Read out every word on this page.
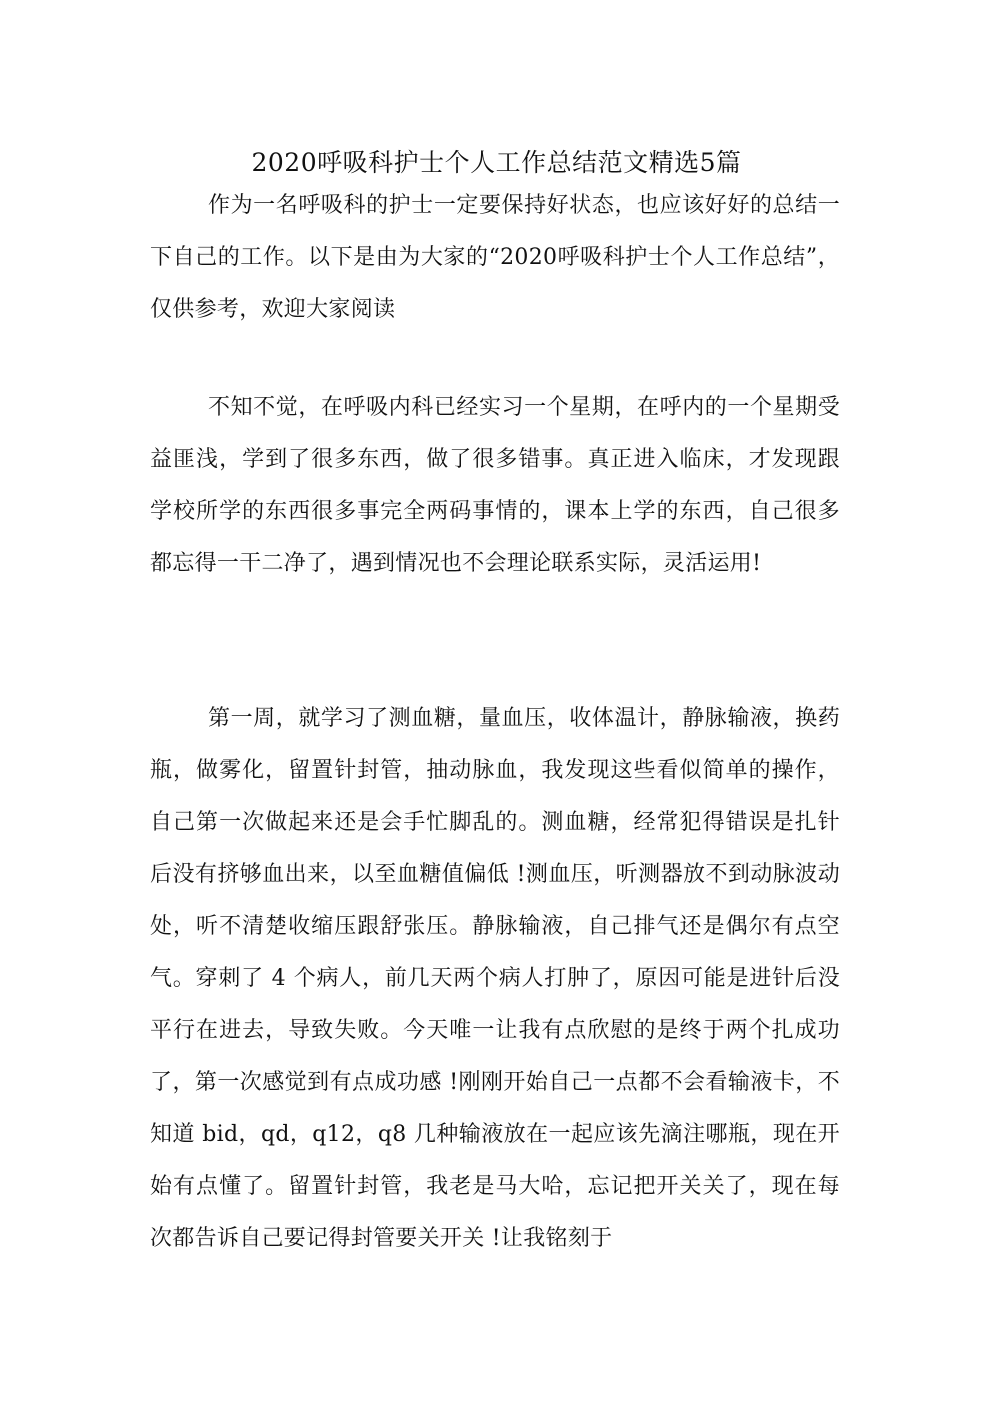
2020呼吸科护士个人工作总结范文精选5篇

作为一名呼吸科的护士一定要保持好状态，也应该好好的总结一下自己的工作。以下是由为大家的“2020呼吸科护士个人工作总结”，仅供参考，欢迎大家阅读

不知不觉，在呼吸内科已经实习一个星期，在呼内的一个星期受益匪浅，学到了很多东西，做了很多错事。真正进入临床，才发现跟学校所学的东西很多事完全两码事情的，课本上学的东西，自己很多都忘得一干二净了，遇到情况也不会理论联系实际，灵活运用!

第一周，就学习了测血糖，量血压，收体温计，静脉输液，换药瓶，做雾化，留置针封管，抽动脉血，我发现这些看似简单的操作，自己第一次做起来还是会手忙脚乱的。测血糖，经常犯得错误是扎针后没有挤够血出来，以至血糖值偏低 !测血压，听测器放不到动脉波动处，听不清楚收缩压跟舒张压。静脉输液，自己排气还是偶尔有点空气。穿刺了 4 个病人，前几天两个病人打肿了，原因可能是进针后没平行在进去，导致失败。今天唯一让我有点欣慰的是终于两个扎成功了，第一次感觉到有点成功感 !刚刚开始自己一点都不会看输液卡，不知道 bid，qd，q12，q8 几种输液放在一起应该先滴注哪瓶，现在开始有点懂了。留置针封管，我老是马大哈，忘记把开关关了，现在每次都告诉自己要记得封管要关开关 !让我铭刻于
